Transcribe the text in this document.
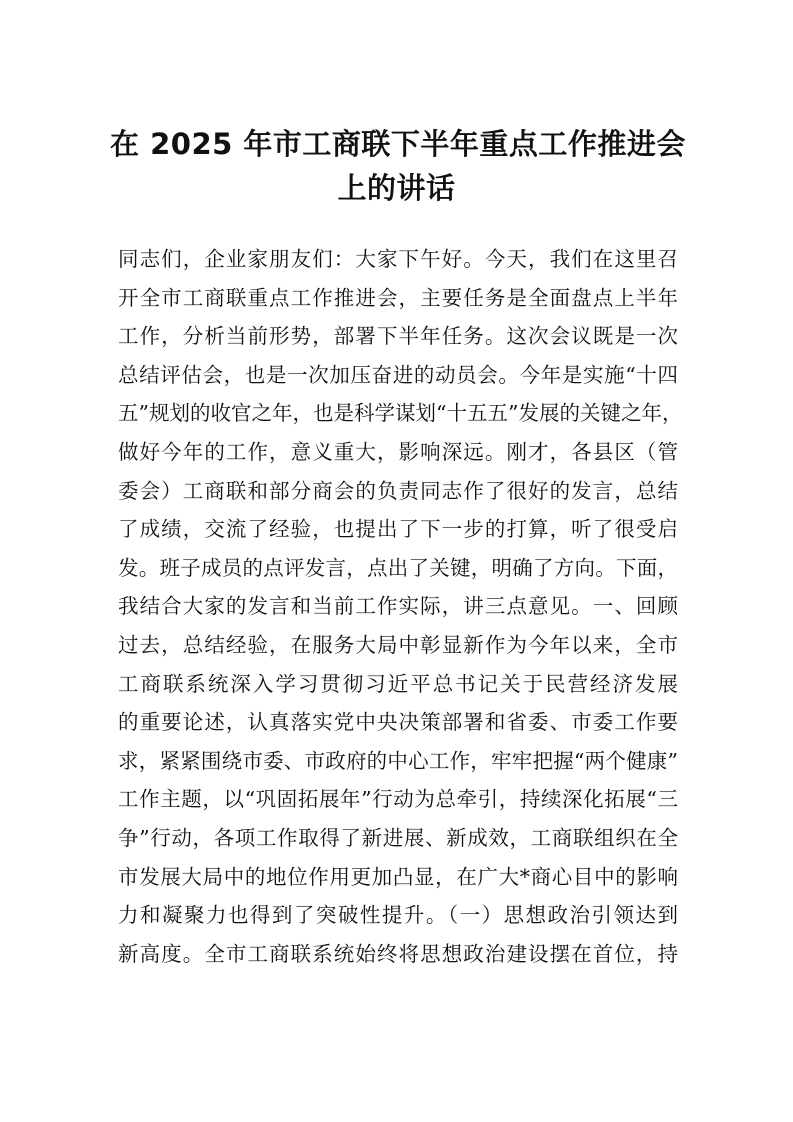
在 2025 年市工商联下半年重点工作推进会
上的讲话
同志们，企业家朋友们：大家下午好。今天，我们在这里召
开全市工商联重点工作推进会，主要任务是全面盘点上半年
工作，分析当前形势，部署下半年任务。这次会议既是一次
总结评估会，也是一次加压奋进的动员会。今年是实施“十四
五”规划的收官之年，也是科学谋划“十五五”发展的关键之年，
做好今年的工作，意义重大，影响深远。刚才，各县区（管
委会）工商联和部分商会的负责同志作了很好的发言，总结
了成绩，交流了经验，也提出了下一步的打算，听了很受启
发。班子成员的点评发言，点出了关键，明确了方向。下面，
我结合大家的发言和当前工作实际，讲三点意见。一、回顾
过去，总结经验，在服务大局中彰显新作为今年以来，全市
工商联系统深入学习贯彻习近平总书记关于民营经济发展
的重要论述，认真落实党中央决策部署和省委、市委工作要
求，紧紧围绕市委、市政府的中心工作，牢牢把握“两个健康”
工作主题，以“巩固拓展年”行动为总牵引，持续深化拓展“三
争”行动，各项工作取得了新进展、新成效，工商联组织在全
市发展大局中的地位作用更加凸显，在广大*商心目中的影响
力和凝聚力也得到了突破性提升。（一）思想政治引领达到
新高度。全市工商联系统始终将思想政治建设摆在首位，持
